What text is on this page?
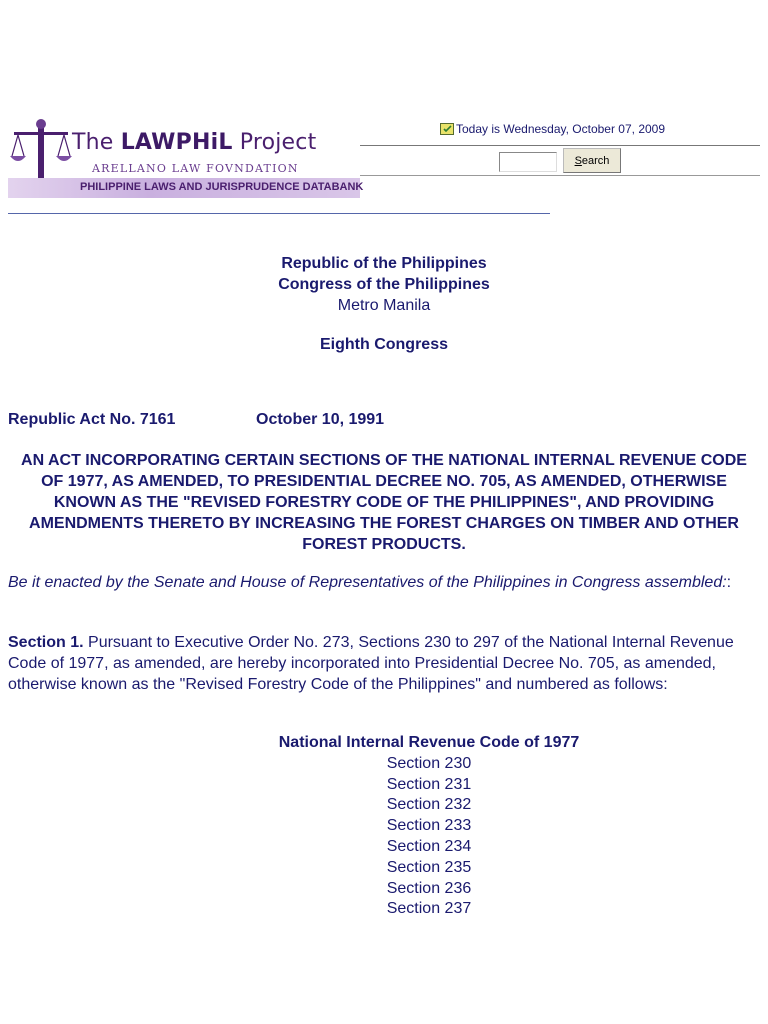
The LAWPHiL Project
ARELLANO LAW FOVNDATION
PHILIPPINE LAWS AND JURISPRUDENCE DATABANK
Today is Wednesday, October 07, 2009
Search
Republic of the Philippines
Congress of the Philippines
Metro Manila
Eighth Congress
Republic Act No. 7161	October 10, 1991
AN ACT INCORPORATING CERTAIN SECTIONS OF THE NATIONAL INTERNAL REVENUE CODE OF 1977, AS AMENDED, TO PRESIDENTIAL DECREE NO. 705, AS AMENDED, OTHERWISE KNOWN AS THE "REVISED FORESTRY CODE OF THE PHILIPPINES", AND PROVIDING AMENDMENTS THERETO BY INCREASING THE FOREST CHARGES ON TIMBER AND OTHER FOREST PRODUCTS.
Be it enacted by the Senate and House of Representatives of the Philippines in Congress assembled::
Section 1. Pursuant to Executive Order No. 273, Sections 230 to 297 of the National Internal Revenue Code of 1977, as amended, are hereby incorporated into Presidential Decree No. 705, as amended, otherwise known as the "Revised Forestry Code of the Philippines" and numbered as follows:
National Internal Revenue Code of 1977
Section 230
Section 231
Section 232
Section 233
Section 234
Section 235
Section 236
Section 237
